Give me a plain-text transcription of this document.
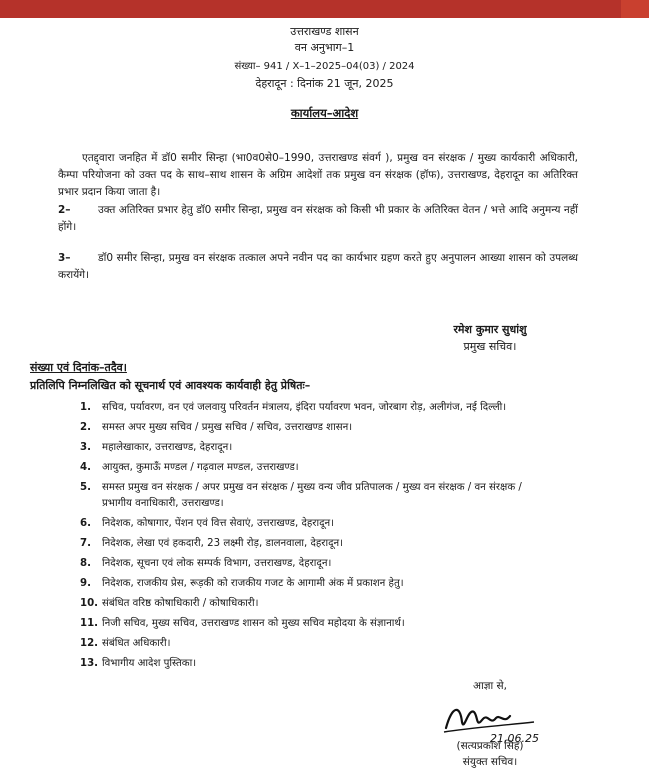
उत्तराखण्ड शासन
वन अनुभाग–1
संख्या– 941 / X–1–2025–04(03) / 2024
देहरादून : दिनांक 21 जून, 2025
कार्यालय–आदेश
एतद्द्वारा जनहित में डॉ0 समीर सिन्हा (भा0व0से0–1990, उत्तराखण्ड संवर्ग ), प्रमुख वन संरक्षक / मुख्य कार्यकारी अधिकारी, कैम्पा परियोजना को उक्त पद के साथ–साथ शासन के अग्रिम आदेशों तक प्रमुख वन संरक्षक (हॉफ), उत्तराखण्ड, देहरादून का अतिरिक्त प्रभार प्रदान किया जाता है।
2–	उक्त अतिरिक्त प्रभार हेतु डॉ0 समीर सिन्हा, प्रमुख वन संरक्षक को किसी भी प्रकार के अतिरिक्त वेतन / भत्ते आदि अनुमन्य नहीं होंगे।
3–	डॉ0 समीर सिन्हा, प्रमुख वन संरक्षक तत्काल अपने नवीन पद का कार्यभार ग्रहण करते हुए अनुपालन आख्या शासन को उपलब्ध करायेंगे।
रमेश कुमार सुधांशु
प्रमुख सचिव।
संख्या एवं दिनांक–तदैव।
प्रतिलिपि निम्नलिखित को सूचनार्थ एवं आवश्यक कार्यवाही हेतु प्रेषितः–
1. सचिव, पर्यावरण, वन एवं जलवायु परिवर्तन मंत्रालय, इंदिरा पर्यावरण भवन, जोरबाग रोड़, अलीगंज, नई दिल्ली।
2. समस्त अपर मुख्य सचिव / प्रमुख सचिव / सचिव, उत्तराखण्ड शासन।
3. महालेखाकार, उत्तराखण्ड, देहरादून।
4. आयुक्त, कुमाऊँ मण्डल / गढ़वाल मण्डल, उत्तराखण्ड।
5. समस्त प्रमुख वन संरक्षक / अपर प्रमुख वन संरक्षक / मुख्य वन्य जीव प्रतिपालक / मुख्य वन संरक्षक / वन संरक्षक / प्रभागीय वनाधिकारी, उत्तराखण्ड।
6. निदेशक, कोषागार, पेंशन एवं वित्त सेवाएं, उत्तराखण्ड, देहरादून।
7. निदेशक, लेखा एवं हकदारी, 23 लक्ष्मी रोड़, डालनवाला, देहरादून।
8. निदेशक, सूचना एवं लोक सम्पर्क विभाग, उत्तराखण्ड, देहरादून।
9. निदेशक, राजकीय प्रेस, रूड़की को राजकीय गजट के आगामी अंक में प्रकाशन हेतु।
10. संबंधित वरिष्ठ कोषाधिकारी / कोषाधिकारी।
11. निजी सचिव, मुख्य सचिव, उत्तराखण्ड शासन को मुख्य सचिव महोदया के संज्ञानार्थ।
12. संबंधित अधिकारी।
13. विभागीय आदेश पुस्तिका।
आज्ञा से,
21.06.25
(सत्यप्रकाश सिंह)
संयुक्त सचिव।
